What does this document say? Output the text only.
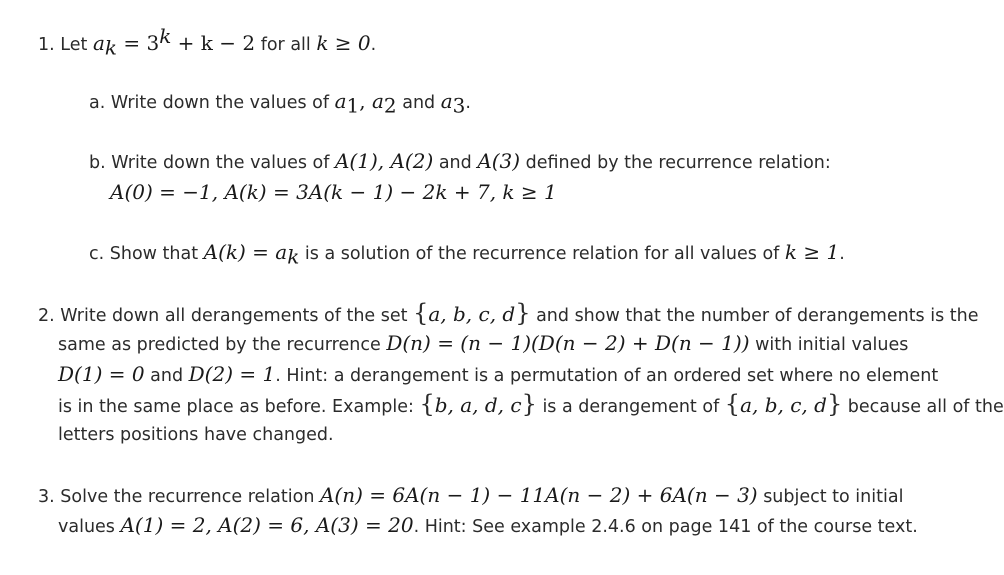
1. Let $a_k = 3^k + k - 2$ for all k ≥ 0.
a. Write down the values of $a_1$, $a_2$ and $a_3$.
b. Write down the values of A(1), A(2) and A(3) defined by the recurrence relation:
A(0) = −1, A(k) = 3A(k − 1) − 2k + 7, k ≥ 1
c. Show that $A(k) = a_k$ is a solution of the recurrence relation for all values of k ≥ 1.
2. Write down all derangements of the set {a, b, c, d} and show that the number of derangements is the
same as predicted by the recurrence D(n) = (n − 1)(D(n − 2) + D(n − 1)) with initial values
D(1) = 0 and D(2) = 1. Hint: a derangement is a permutation of an ordered set where no element
is in the same place as before. Example: {b, a, d, c} is a derangement of {a, b, c, d} because all of the
letters positions have changed.
3. Solve the recurrence relation A(n) = 6A(n − 1) − 11A(n − 2) + 6A(n − 3) subject to initial
values A(1) = 2, A(2) = 6, A(3) = 20. Hint: See example 2.4.6 on page 141 of the course text.
